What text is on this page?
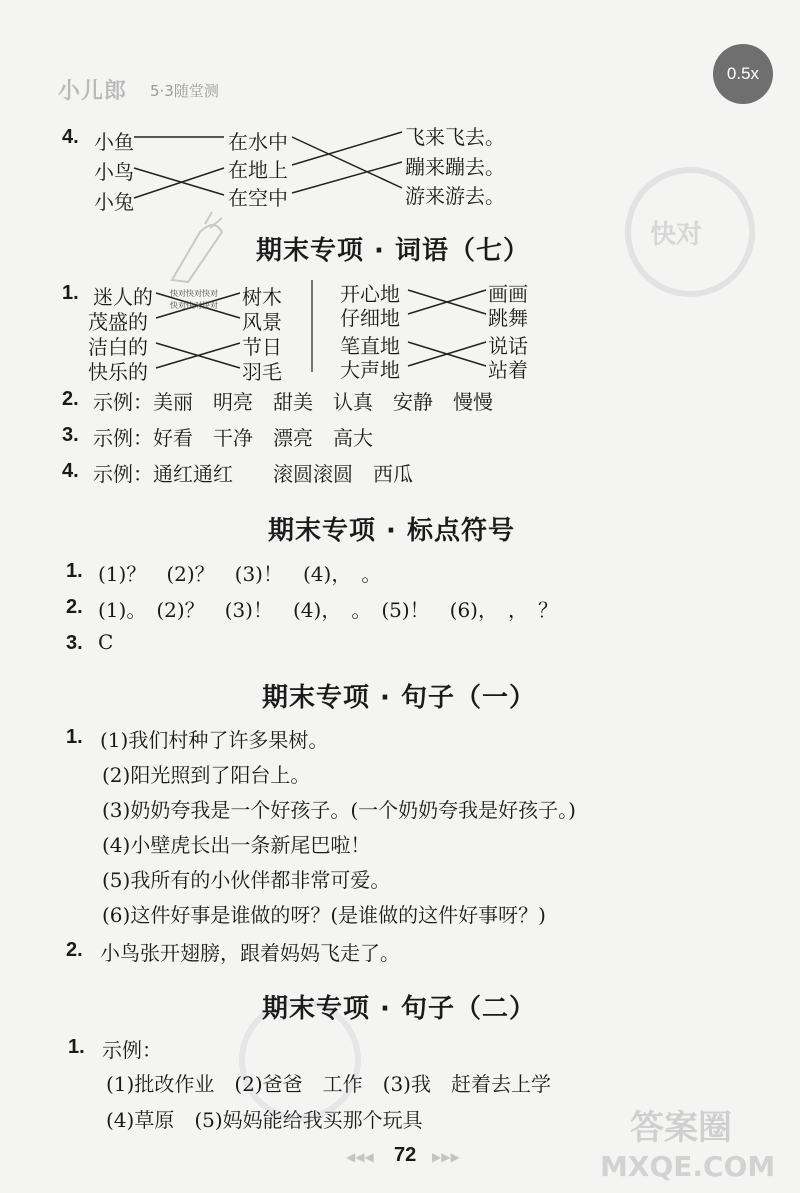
小儿郎 5·3随堂测
0.5x
快对
答案圈
MXQE.COM
4. 小鱼
小鸟
小兔
在水中
在地上
在空中
飞来飞去。
蹦来蹦去。
游来游去。
期末专项 · 词语（七）
1. 迷人的
茂盛的
洁白的
快乐的
树木
风景
节日
羽毛
快对快对快对
快对快对快对	开心地
仔细地
笔直地
大声地
画画
跳舞
说话
站着
2. 示例：美丽　明亮　甜美　认真　安静　慢慢
3. 示例：好看　干净　漂亮　高大
4. 示例：通红通红　　滚圆滚圆　西瓜
期末专项 · 标点符号
1. (1)？　(2)？　(3)！　(4)，　。
2. (1)。　(2)？　(3)！　(4)，　。　(5)！　(6)，　，　？
3. C
期末专项 · 句子（一）
1. (1)我们村种了许多果树。
(2)阳光照到了阳台上。
(3)奶奶夸我是一个好孩子。(一个奶奶夸我是好孩子。)
(4)小壁虎长出一条新尾巴啦！
(5)我所有的小伙伴都非常可爱。
(6)这件好事是谁做的呀？(是谁做的这件好事呀？)
2. 小鸟张开翅膀，跟着妈妈飞走了。
期末专项 · 句子（二）
1. 示例：
(1)批改作业　(2)爸爸　工作　(3)我　赶着去上学
(4)草原　(5)妈妈能给我买那个玩具
◀◀◀ 72 ▶▶▶
